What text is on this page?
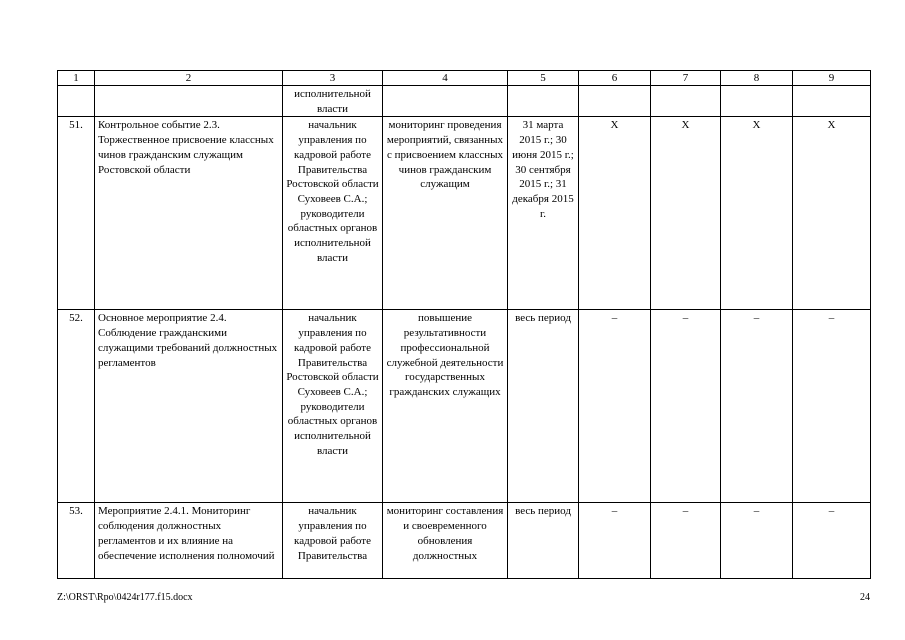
1	2	3	4	5	6	7	8	9
		исполнительной власти						
51.	Контрольное событие 2.3. Торжественное присвоение классных чинов гражданским служащим Ростовской области	начальник управления по кадровой работе Правительства Ростовской области Суховеев С.А.; руководители областных органов исполнительной власти	мониторинг проведения мероприятий, связанных с присвоением классных чинов гражданским служащим	31 марта 2015 г.; 30 июня 2015 г.; 30 сентября 2015 г.; 31 декабря 2015 г.	Х	Х	Х	Х
52.	Основное мероприятие 2.4. Соблюдение гражданскими служащими требований должностных регламентов	начальник управления по кадровой работе Правительства Ростовской области Суховеев С.А.; руководители областных органов исполнительной власти	повышение результативности профессиональной служебной деятельности государственных гражданских служащих	весь период	–	–	–	–
53.	Мероприятие 2.4.1. Мониторинг соблюдения должностных регламентов и их влияние на обеспечение исполнения полномочий	начальник управления по кадровой работе Правительства	мониторинг составления и своевременного обновления должностных	весь период	–	–	–	–
Z:\ORST\Rpo\0424r177.f15.docx	24
